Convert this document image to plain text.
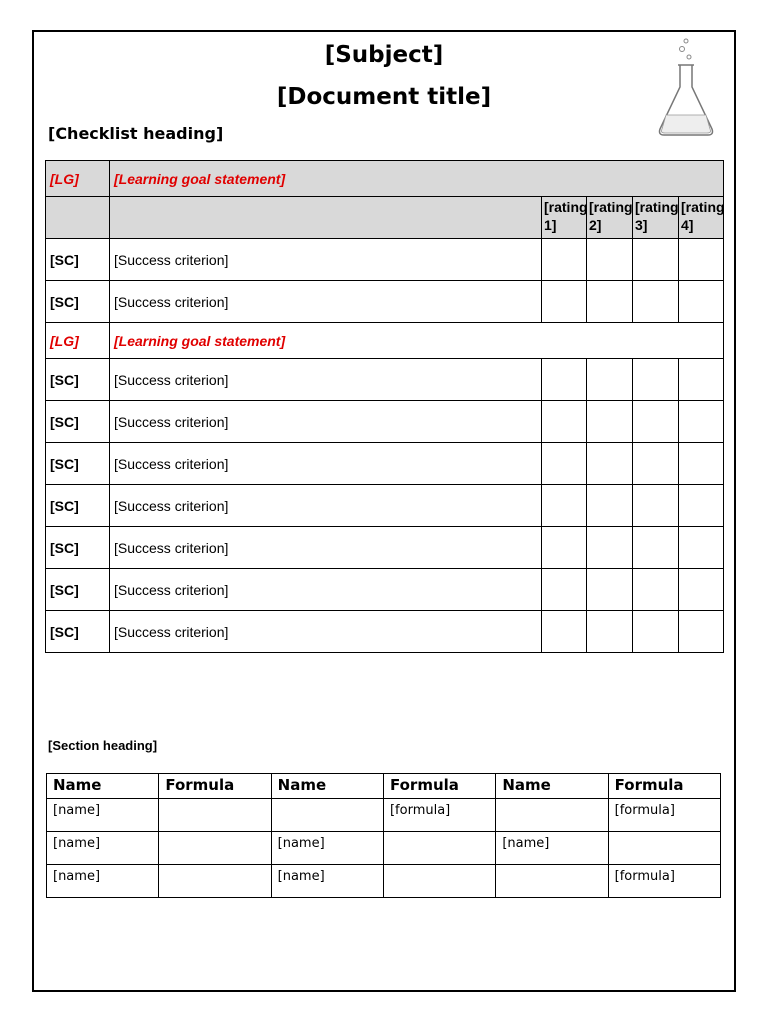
[Subject]
[Document title]
[Checklist heading]
[LG]	[Learning goal statement]				
		[rating 1]	[rating 2]	[rating 3]	[rating 4]
[SC]	[Success criterion]				
[SC]	[Success criterion]				
[LG]	[Learning goal statement]				
[SC]	[Success criterion]				
[SC]	[Success criterion]				
[SC]	[Success criterion]				
[SC]	[Success criterion]				
[SC]	[Success criterion]				
[SC]	[Success criterion]				
[SC]	[Success criterion]				

[Section heading]

Name	Formula	Name	Formula	Name	Formula
[name]			[formula]		[formula]
[name]		[name]		[name]	
[name]		[name]			[formula]
